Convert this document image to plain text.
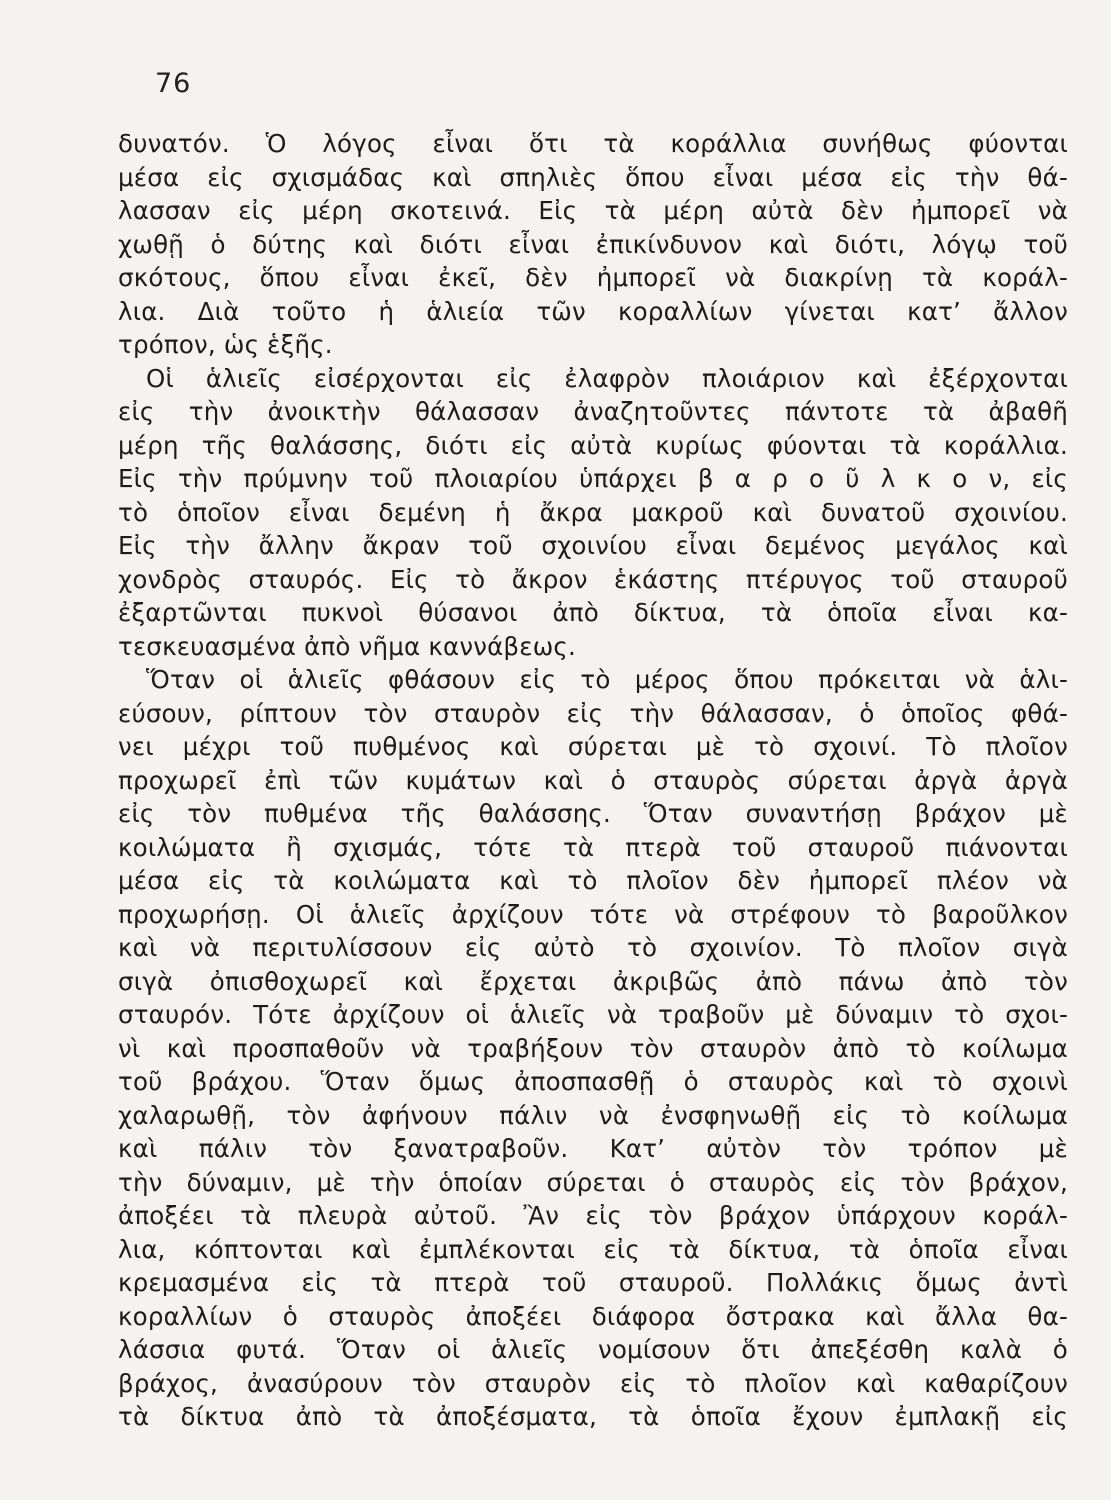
76
δυνατόν. Ὁ λόγος εἶναι ὅτι τὰ κοράλλια συνήθως φύονται
μέσα εἰς σχισμάδας καὶ σπηλιὲς ὅπου εἶναι μέσα εἰς τὴν θά-
λασσαν εἰς μέρη σκοτεινά. Εἰς τὰ μέρη αὐτὰ δὲν ἠμπορεῖ νὰ
χωθῇ ὁ δύτης καὶ διότι εἶναι ἐπικίνδυνον καὶ διότι, λόγῳ τοῦ
σκότους, ὅπου εἶναι ἐκεῖ, δὲν ἠμπορεῖ νὰ διακρίνῃ τὰ κοράλ-
λια. Διὰ τοῦτο ἡ ἁλιεία τῶν κοραλλίων γίνεται κατ’ ἄλλον
τρόπον, ὡς ἑξῆς.
Οἱ ἁλιεῖς εἰσέρχονται εἰς ἐλαφρὸν πλοιάριον καὶ ἐξέρχονται
εἰς τὴν ἀνοικτὴν θάλασσαν ἀναζητοῦντες πάντοτε τὰ ἀβαθῆ
μέρη τῆς θαλάσσης, διότι εἰς αὐτὰ κυρίως φύονται τὰ κοράλλια.
Εἰς τὴν πρύμνην τοῦ πλοιαρίου ὑπάρχει β α ρ ο ῦ λ κ ο ν, εἰς
τὸ ὁποῖον εἶναι δεμένη ἡ ἄκρα μακροῦ καὶ δυνατοῦ σχοινίου.
Εἰς τὴν ἄλλην ἄκραν τοῦ σχοινίου εἶναι δεμένος μεγάλος καὶ
χονδρὸς σταυρός. Εἰς τὸ ἄκρον ἑκάστης πτέρυγος τοῦ σταυροῦ
ἐξαρτῶνται πυκνοὶ θύσανοι ἀπὸ δίκτυα, τὰ ὁποῖα εἶναι κα-
τεσκευασμένα ἀπὸ νῆμα καννάβεως.
Ὅταν οἱ ἁλιεῖς φθάσουν εἰς τὸ μέρος ὅπου πρόκειται νὰ ἁλι-
εύσουν, ρίπτουν τὸν σταυρὸν εἰς τὴν θάλασσαν, ὁ ὁποῖος φθά-
νει μέχρι τοῦ πυθμένος καὶ σύρεται μὲ τὸ σχοινί. Τὸ πλοῖον
προχωρεῖ ἐπὶ τῶν κυμάτων καὶ ὁ σταυρὸς σύρεται ἀργὰ ἀργὰ
εἰς τὸν πυθμένα τῆς θαλάσσης. Ὅταν συναντήσῃ βράχον μὲ
κοιλώματα ἢ σχισμάς, τότε τὰ πτερὰ τοῦ σταυροῦ πιάνονται
μέσα εἰς τὰ κοιλώματα καὶ τὸ πλοῖον δὲν ἠμπορεῖ πλέον νὰ
προχωρήσῃ. Οἱ ἁλιεῖς ἀρχίζουν τότε νὰ στρέφουν τὸ βαροῦλκον
καὶ νὰ περιτυλίσσουν εἰς αὐτὸ τὸ σχοινίον. Τὸ πλοῖον σιγὰ
σιγὰ ὀπισθοχωρεῖ καὶ ἔρχεται ἀκριβῶς ἀπὸ πάνω ἀπὸ τὸν
σταυρόν. Τότε ἀρχίζουν οἱ ἁλιεῖς νὰ τραβοῦν μὲ δύναμιν τὸ σχοι-
νὶ καὶ προσπαθοῦν νὰ τραβήξουν τὸν σταυρὸν ἀπὸ τὸ κοίλωμα
τοῦ βράχου. Ὅταν ὅμως ἀποσπασθῇ ὁ σταυρὸς καὶ τὸ σχοινὶ
χαλαρωθῇ, τὸν ἀφήνουν πάλιν νὰ ἐνσφηνωθῇ εἰς τὸ κοίλωμα
καὶ πάλιν τὸν ξανατραβοῦν. Κατ’ αὐτὸν τὸν τρόπον μὲ
τὴν δύναμιν, μὲ τὴν ὁποίαν σύρεται ὁ σταυρὸς εἰς τὸν βράχον,
ἀποξέει τὰ πλευρὰ αὐτοῦ. Ἂν εἰς τὸν βράχον ὑπάρχουν κοράλ-
λια, κόπτονται καὶ ἐμπλέκονται εἰς τὰ δίκτυα, τὰ ὁποῖα εἶναι
κρεμασμένα εἰς τὰ πτερὰ τοῦ σταυροῦ. Πολλάκις ὅμως ἀντὶ
κοραλλίων ὁ σταυρὸς ἀποξέει διάφορα ὄστρακα καὶ ἄλλα θα-
λάσσια φυτά. Ὅταν οἱ ἁλιεῖς νομίσουν ὅτι ἀπεξέσθη καλὰ ὁ
βράχος, ἀνασύρουν τὸν σταυρὸν εἰς τὸ πλοῖον καὶ καθαρίζουν
τὰ δίκτυα ἀπὸ τὰ ἀποξέσματα, τὰ ὁποῖα ἔχουν ἐμπλακῇ εἰς
